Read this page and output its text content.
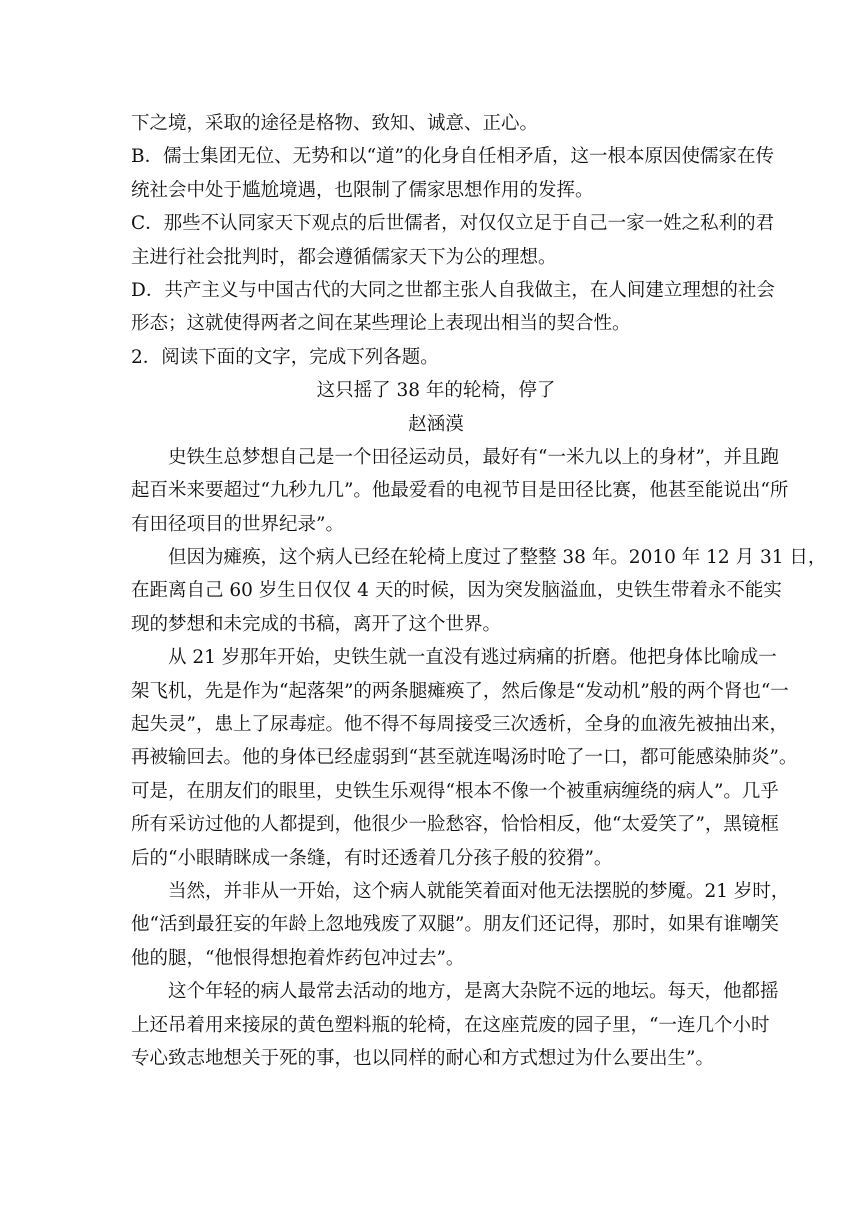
下之境，采取的途径是格物、致知、诚意、正心。
B．儒士集团无位、无势和以“道”的化身自任相矛盾，这一根本原因使儒家在传
统社会中处于尴尬境遇，也限制了儒家思想作用的发挥。
C．那些不认同家天下观点的后世儒者，对仅仅立足于自己一家一姓之私利的君
主进行社会批判时，都会遵循儒家天下为公的理想。
D．共产主义与中国古代的大同之世都主张人自我做主，在人间建立理想的社会
形态；这就使得两者之间在某些理论上表现出相当的契合性。
2．阅读下面的文字，完成下列各题。
这只摇了 38 年的轮椅，停了
赵涵漠
史铁生总梦想自己是一个田径运动员，最好有“一米九以上的身材”，并且跑
起百米来要超过“九秒九几”。他最爱看的电视节目是田径比赛，他甚至能说出“所
有田径项目的世界纪录”。
但因为瘫痪，这个病人已经在轮椅上度过了整整 38 年。2010 年 12 月 31 日，
在距离自己 60 岁生日仅仅 4 天的时候，因为突发脑溢血，史铁生带着永不能实
现的梦想和未完成的书稿，离开了这个世界。
从 21 岁那年开始，史铁生就一直没有逃过病痛的折磨。他把身体比喻成一
架飞机，先是作为“起落架”的两条腿瘫痪了，然后像是“发动机”般的两个肾也“一
起失灵”，患上了尿毒症。他不得不每周接受三次透析，全身的血液先被抽出来，
再被输回去。他的身体已经虚弱到“甚至就连喝汤时呛了一口，都可能感染肺炎”。
可是，在朋友们的眼里，史铁生乐观得“根本不像一个被重病缠绕的病人”。几乎
所有采访过他的人都提到，他很少一脸愁容，恰恰相反，他“太爱笑了”，黑镜框
后的“小眼睛眯成一条缝，有时还透着几分孩子般的狡猾”。
当然，并非从一开始，这个病人就能笑着面对他无法摆脱的梦魇。21 岁时，
他“活到最狂妄的年龄上忽地残废了双腿”。朋友们还记得，那时，如果有谁嘲笑
他的腿，“他恨得想抱着炸药包冲过去”。
这个年轻的病人最常去活动的地方，是离大杂院不远的地坛。每天，他都摇
上还吊着用来接尿的黄色塑料瓶的轮椅，在这座荒废的园子里，“一连几个小时
专心致志地想关于死的事，也以同样的耐心和方式想过为什么要出生”。
